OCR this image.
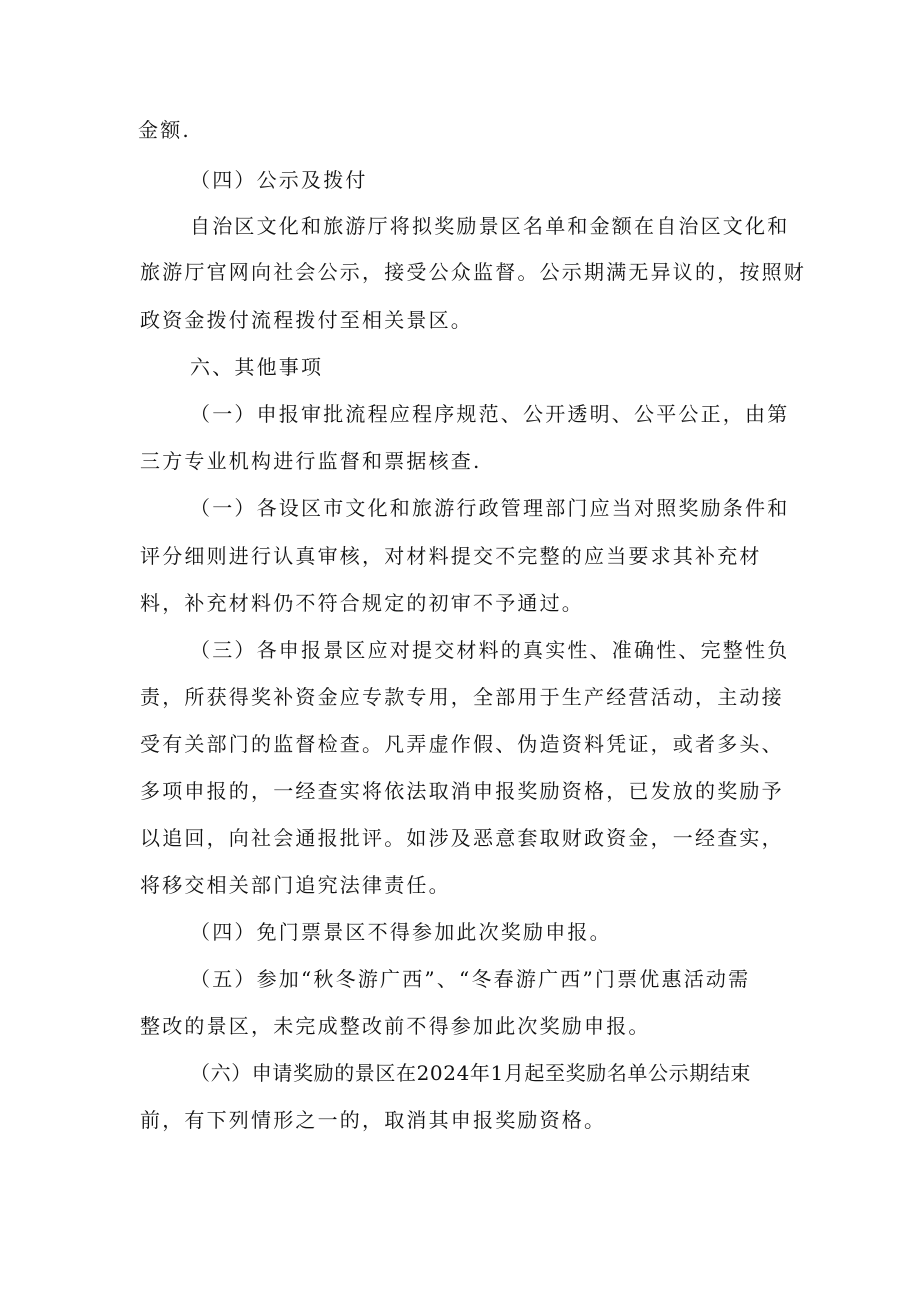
金额.
（四）公示及拨付
自治区文化和旅游厅将拟奖励景区名单和金额在自治区文化和
旅游厅官网向社会公示，接受公众监督。公示期满无异议的，按照财
政资金拨付流程拨付至相关景区。
六、其他事项
（一）申报审批流程应程序规范、公开透明、公平公正，由第
三方专业机构进行监督和票据核查.
（一）各设区市文化和旅游行政管理部门应当对照奖励条件和
评分细则进行认真审核，对材料提交不完整的应当要求其补充材
料，补充材料仍不符合规定的初审不予通过。
（三）各申报景区应对提交材料的真实性、准确性、完整性负
责，所获得奖补资金应专款专用，全部用于生产经营活动，主动接
受有关部门的监督检查。凡弄虚作假、伪造资料凭证，或者多头、
多项申报的，一经查实将依法取消申报奖励资格，已发放的奖励予
以追回，向社会通报批评。如涉及恶意套取财政资金，一经查实，
将移交相关部门追究法律责任。
（四）免门票景区不得参加此次奖励申报。
（五）参加“秋冬游广西”、“冬春游广西”门票优惠活动需
整改的景区，未完成整改前不得参加此次奖励申报。
（六）申请奖励的景区在2024年1月起至奖励名单公示期结束
前，有下列情形之一的，取消其申报奖励资格。
